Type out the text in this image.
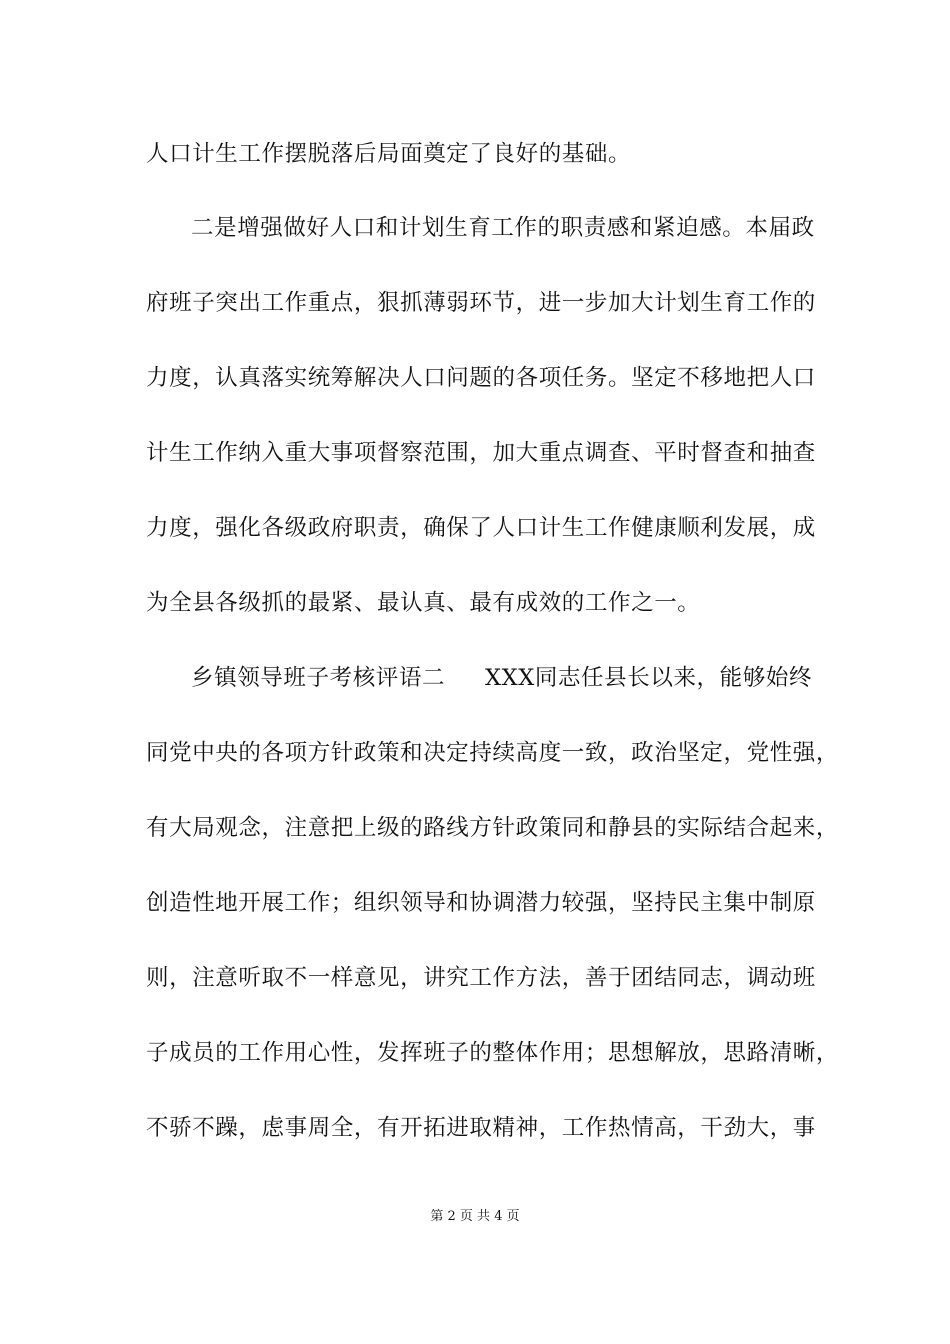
人口计生工作摆脱落后局面奠定了良好的基础。
二是增强做好人口和计划生育工作的职责感和紧迫感。本届政
府班子突出工作重点，狠抓薄弱环节，进一步加大计划生育工作的
力度，认真落实统筹解决人口问题的各项任务。坚定不移地把人口
计生工作纳入重大事项督察范围，加大重点调查、平时督查和抽查
力度，强化各级政府职责，确保了人口计生工作健康顺利发展，成
为全县各级抓的最紧、最认真、最有成效的工作之一。
乡镇领导班子考核评语二 XXX同志任县长以来，能够始终
同党中央的各项方针政策和决定持续高度一致，政治坚定，党性强，
有大局观念，注意把上级的路线方针政策同和静县的实际结合起来，
创造性地开展工作；组织领导和协调潜力较强，坚持民主集中制原
则，注意听取不一样意见，讲究工作方法，善于团结同志，调动班
子成员的工作用心性，发挥班子的整体作用；思想解放，思路清晰，
不骄不躁，虑事周全，有开拓进取精神，工作热情高，干劲大，事
第 2 页 共 4 页
